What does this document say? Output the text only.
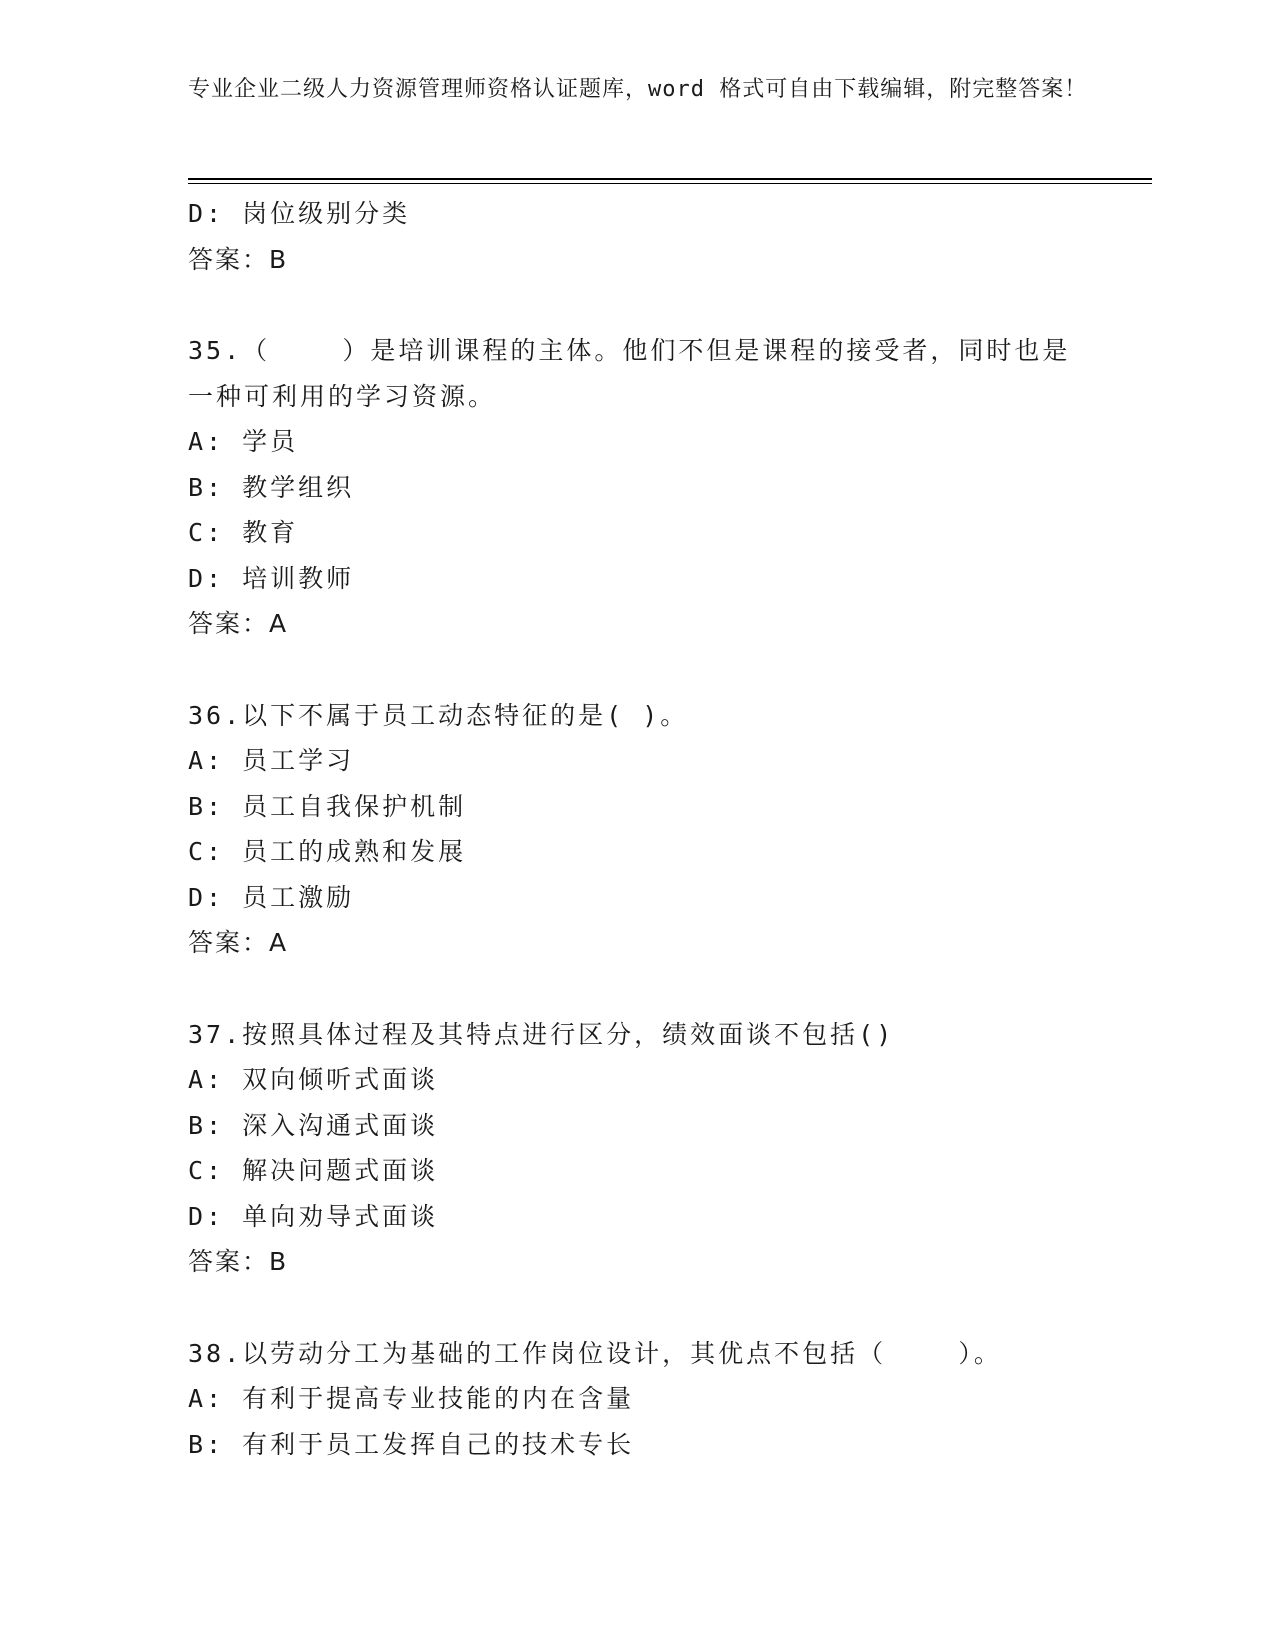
专业企业二级人力资源管理师资格认证题库，word 格式可自由下载编辑，附完整答案！

D: 岗位级别分类

答案：B

35.（    ）是培训课程的主体。他们不但是课程的接受者，同时也是

一种可利用的学习资源。

A: 学员

B: 教学组织

C: 教育

D: 培训教师

答案：A

36.以下不属于员工动态特征的是( )。

A: 员工学习

B: 员工自我保护机制

C: 员工的成熟和发展

D: 员工激励

答案：A

37.按照具体过程及其特点进行区分，绩效面谈不包括()

A: 双向倾听式面谈

B: 深入沟通式面谈

C: 解决问题式面谈

D: 单向劝导式面谈

答案：B

38.以劳动分工为基础的工作岗位设计，其优点不包括（    ）。

A: 有利于提高专业技能的内在含量

B: 有利于员工发挥自己的技术专长
